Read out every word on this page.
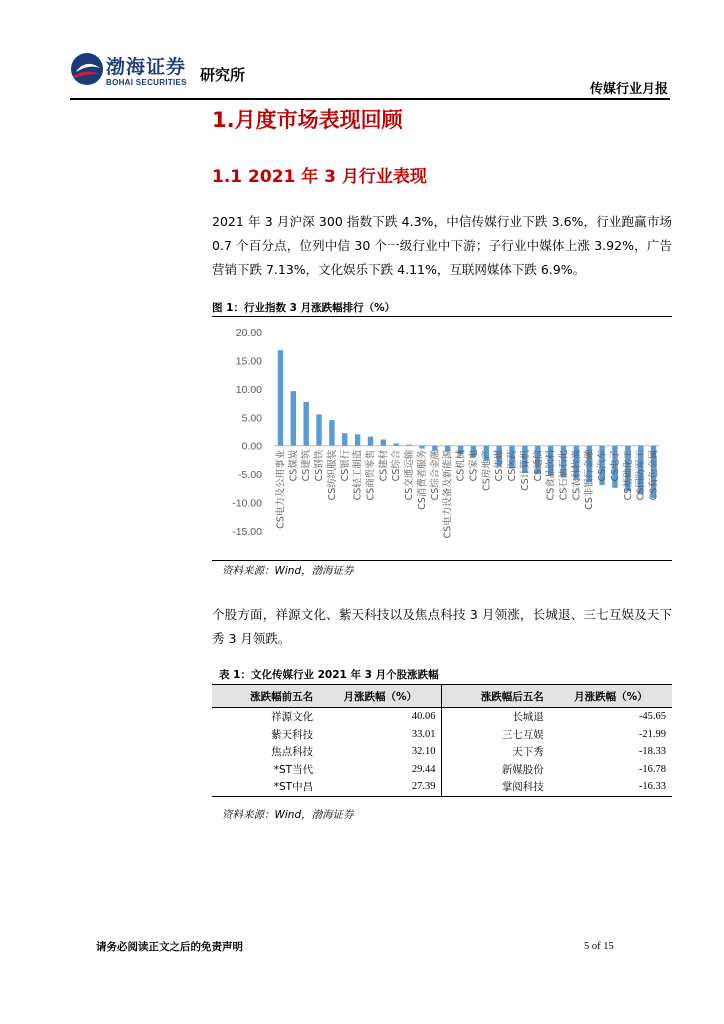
渤海证券
BOHAI SECURITIES 研究所
传媒行业月报
1.月度市场表现回顾
1.1 2021 年 3 月行业表现
2021 年 3 月沪深 300 指数下跌 4.3%，中信传媒行业下跌 3.6%，行业跑赢市场 0.7 个百分点，位列中信 30 个一级行业中下游；子行业中媒体上涨 3.92%，广告营销下跌 7.13%，文化娱乐下跌 4.11%，互联网媒体下跌 6.9%。
图 1：行业指数 3 月涨跌幅排行（%）
20.00
15.00
10.00
5.00
0.00
-5.00
-10.00
-15.00
CS电力及公用事业 CS煤炭 CS建筑 CS钢铁 CS纺织服装 CS银行 CS轻工制造 CS商贸零售 CS建材 CS综合 CS交通运输 CS消费者服务 CS综合金融 CS电力设备及新能源 CS机械 CS家电 CS房地产 CS传媒 CS医药 CS计算机 CS通信 CS食品饮料 CS石油石化 CS农林牧渔 CS非银行金融 CS汽车 CS电子 CS基础化工 CS国防军工 CS有色金属
资料来源：Wind，渤海证券
个股方面，祥源文化、紫天科技以及焦点科技 3 月领涨，长城退、三七互娱及天下秀 3 月领跌。
表 1：文化传媒行业 2021 年 3 月个股涨跌幅
涨跌幅前五名	月涨跌幅（%）	涨跌幅后五名	月涨跌幅（%）
祥源文化	40.06	长城退	-45.65
紫天科技	33.01	三七互娱	-21.99
焦点科技	32.10	天下秀	-18.33
*ST当代	29.44	新媒股份	-16.78
*ST中昌	27.39	掌阅科技	-16.33
资料来源：Wind，渤海证券
请务必阅读正文之后的免责声明	5 of 15
